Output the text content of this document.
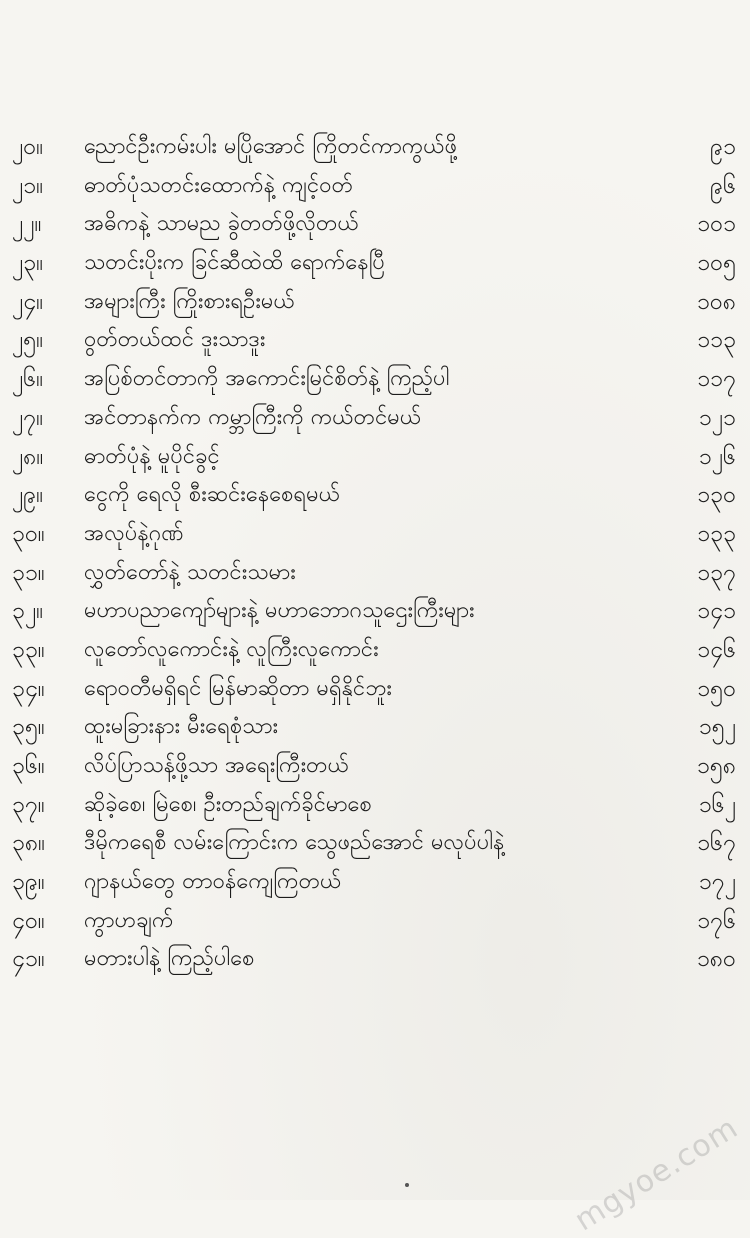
၂၀။	ညောင်ဦးကမ်းပါး မပြိုအောင် ကြိုတင်ကာကွယ်ဖို့	၉၁
၂၁။	ဓာတ်ပုံသတင်းထောက်နဲ့ ကျင့်ဝတ်	၉၆
၂၂။	အဓိကနဲ့ သာမည ခွဲတတ်ဖို့လိုတယ်	၁၀၁
၂၃။	သတင်းပိုးက ခြင်ဆီထဲထိ ရောက်နေပြီ	၁၀၅
၂၄။	အများကြီး ကြိုးစားရဦးမယ်	၁၀၈
၂၅။	ဝွတ်တယ်ထင် ဒူးသာဒူး	၁၁၃
၂၆။	အပြစ်တင်တာကို အကောင်းမြင်စိတ်နဲ့ ကြည့်ပါ	၁၁၇
၂၇။	အင်တာနက်က ကမ္ဘာကြီးကို ကယ်တင်မယ်	၁၂၁
၂၈။	ဓာတ်ပုံနဲ့ မူပိုင်ခွင့်	၁၂၆
၂၉။	ငွေကို ရေလို စီးဆင်းနေစေရမယ်	၁၃၀
၃၀။	အလုပ်နဲ့ဂုဏ်	၁၃၃
၃၁။	လွှတ်တော်နဲ့ သတင်းသမား	၁၃၇
၃၂။	မဟာပညာကျော်များနဲ့ မဟာဘောဂသူဌေးကြီးများ	၁၄၁
၃၃။	လူတော်လူကောင်းနဲ့ လူကြီးလူကောင်း	၁၄၆
၃၄။	ရောဝတီမရှိရင် မြန်မာဆိုတာ မရှိနိုင်ဘူး	၁၅၀
၃၅။	ထူးမခြားနား မီးရေစုံသား	၁၅၂
၃၆။	လိပ်ပြာသန့်ဖို့သာ အရေးကြီးတယ်	၁၅၈
၃၇။	ဆိုခဲ့စေ၊ မြဲစေ၊ ဦးတည်ချက်ခိုင်မာစေ	၁၆၂
၃၈။	ဒီမိုကရေစီ လမ်းကြောင်းက သွေဖည်အောင် မလုပ်ပါနဲ့	၁၆၇
၃၉။	ဂျာနယ်တွေ တာဝန်ကျေကြတယ်	၁၇၂
၄၀။	ကွာဟချက်	၁၇၆
၄၁။	မတားပါနဲ့ ကြည့်ပါစေ	၁၈၀
mgyoe.com
